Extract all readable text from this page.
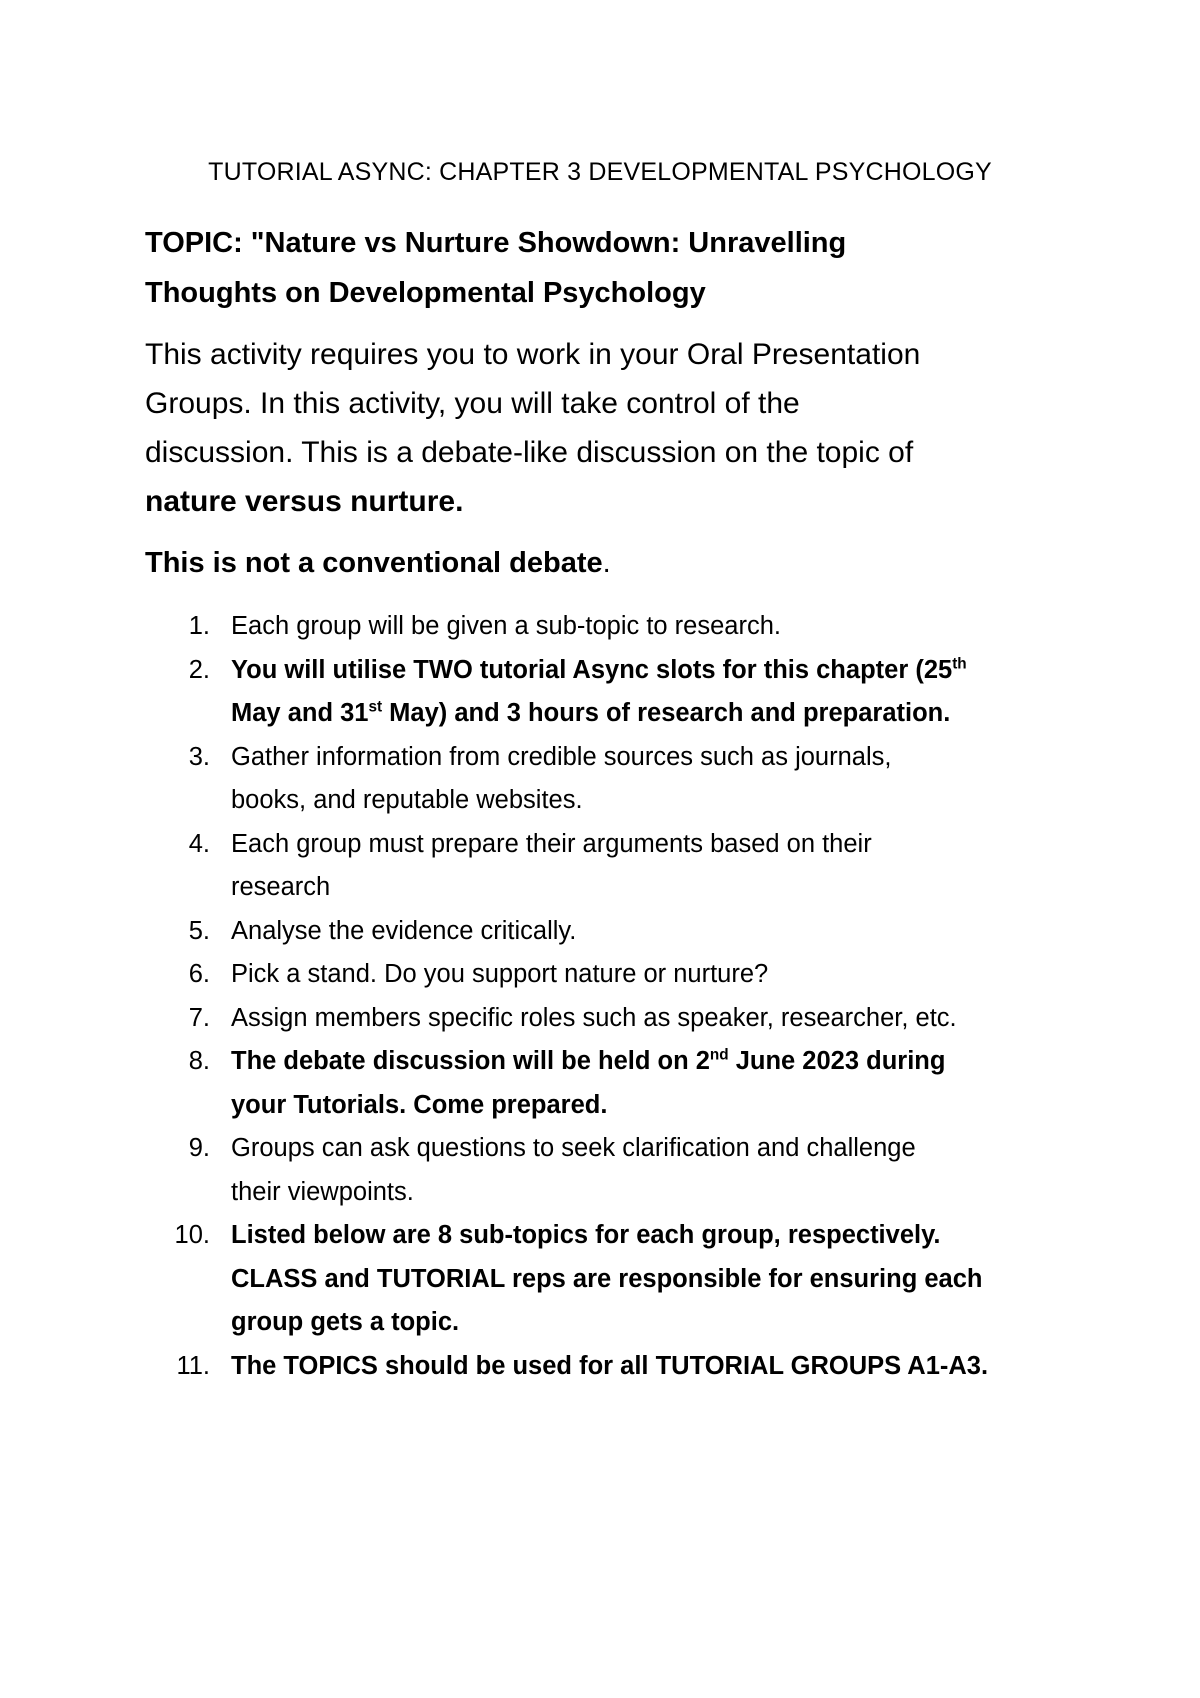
TUTORIAL ASYNC: CHAPTER 3 DEVELOPMENTAL PSYCHOLOGY
TOPIC: "Nature vs Nurture Showdown: Unravelling
Thoughts on Developmental Psychology
This activity requires you to work in your Oral Presentation
Groups. In this activity, you will take control of the
discussion. This is a debate-like discussion on the topic of
nature versus nurture.
This is not a conventional debate.
1. Each group will be given a sub-topic to research.
2. You will utilise TWO tutorial Async slots for this chapter (25th
May and 31st May) and 3 hours of research and preparation.
3. Gather information from credible sources such as journals,
books, and reputable websites.
4. Each group must prepare their arguments based on their
research
5. Analyse the evidence critically.
6. Pick a stand. Do you support nature or nurture?
7. Assign members specific roles such as speaker, researcher, etc.
8. The debate discussion will be held on 2nd June 2023 during
your Tutorials. Come prepared.
9. Groups can ask questions to seek clarification and challenge
their viewpoints.
10. Listed below are 8 sub-topics for each group, respectively.
CLASS and TUTORIAL reps are responsible for ensuring each
group gets a topic.
11. The TOPICS should be used for all TUTORIAL GROUPS A1-A3.
